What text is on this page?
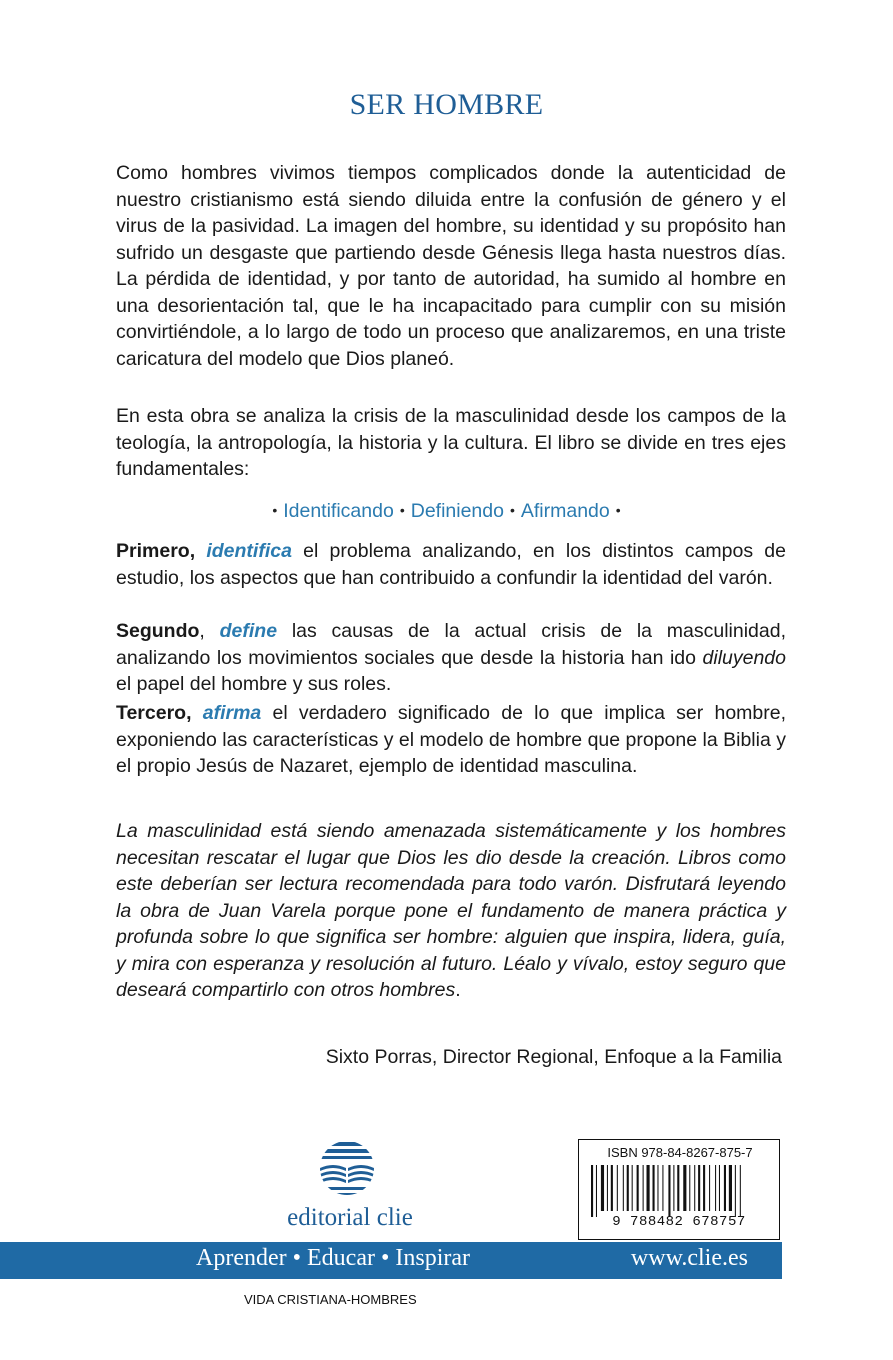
SER HOMBRE

Como hombres vivimos tiempos complicados donde la autenticidad de nuestro cristianismo está siendo diluida entre la confusión de género y el virus de la pasividad. La imagen del hombre, su identidad y su propósito han sufrido un desgaste que partiendo desde Génesis llega hasta nuestros días. La pérdida de identidad, y por tanto de autoridad, ha sumido al hombre en una desorientación tal, que le ha incapacitado para cumplir con su misión convirtiéndole, a lo largo de todo un proceso que analizaremos, en una triste caricatura del modelo que Dios planeó.

En esta obra se analiza la crisis de la masculinidad desde los campos de la teología, la antropología, la historia y la cultura. El libro se divide en tres ejes fundamentales:

• Identificando • Definiendo • Afirmando •

Primero, identifica el problema analizando, en los distintos campos de estudio, los aspectos que han contribuido a confundir la identidad del varón.

Segundo, define las causas de la actual crisis de la masculinidad, analizando los movimientos sociales que desde la historia han ido diluyendo el papel del hombre y sus roles.

Tercero, afirma el verdadero significado de lo que implica ser hombre, exponiendo las características y el modelo de hombre que propone la Biblia y el propio Jesús de Nazaret, ejemplo de identidad masculina.

La masculinidad está siendo amenazada sistemáticamente y los hombres necesitan rescatar el lugar que Dios les dio desde la creación. Libros como este deberían ser lectura recomendada para todo varón. Disfrutará leyendo la obra de Juan Varela porque pone el fundamento de manera práctica y profunda sobre lo que significa ser hombre: alguien que inspira, lidera, guía, y mira con esperanza y resolución al futuro. Léalo y vívalo, estoy seguro que deseará compartirlo con otros hombres.

Sixto Porras, Director Regional, Enfoque a la Familia
editorial clie
ISBN 978-84-8267-875-7
9 788482 678757
Aprender • Educar • Inspirar	www.clie.es
VIDA CRISTIANA-HOMBRES
